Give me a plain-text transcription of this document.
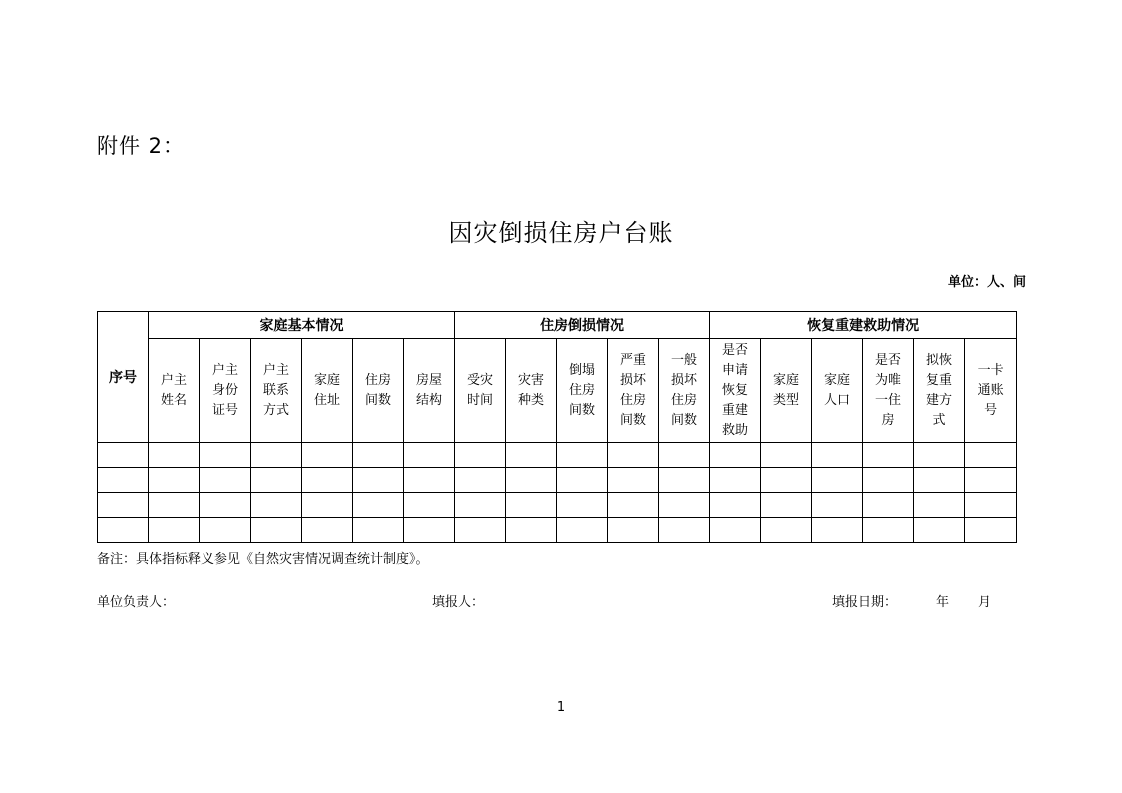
附件 2：
因灾倒损住房户台账
单位：人、间
序号	家庭基本情况						住房倒损情况					恢复重建救助情况					
	户主姓名	户主身份证号	户主联系方式	家庭住址	住房间数	房屋结构	受灾时间	灾害种类	倒塌住房间数	严重损坏住房间数	一般损坏住房间数	是否申请恢复重建救助	家庭类型	家庭人口	是否为唯一住房	拟恢复重建方式	一卡通账号

备注：具体指标释义参见《自然灾害情况调查统计制度》。
单位负责人：	填报人：	填报日期：	年 月
1
